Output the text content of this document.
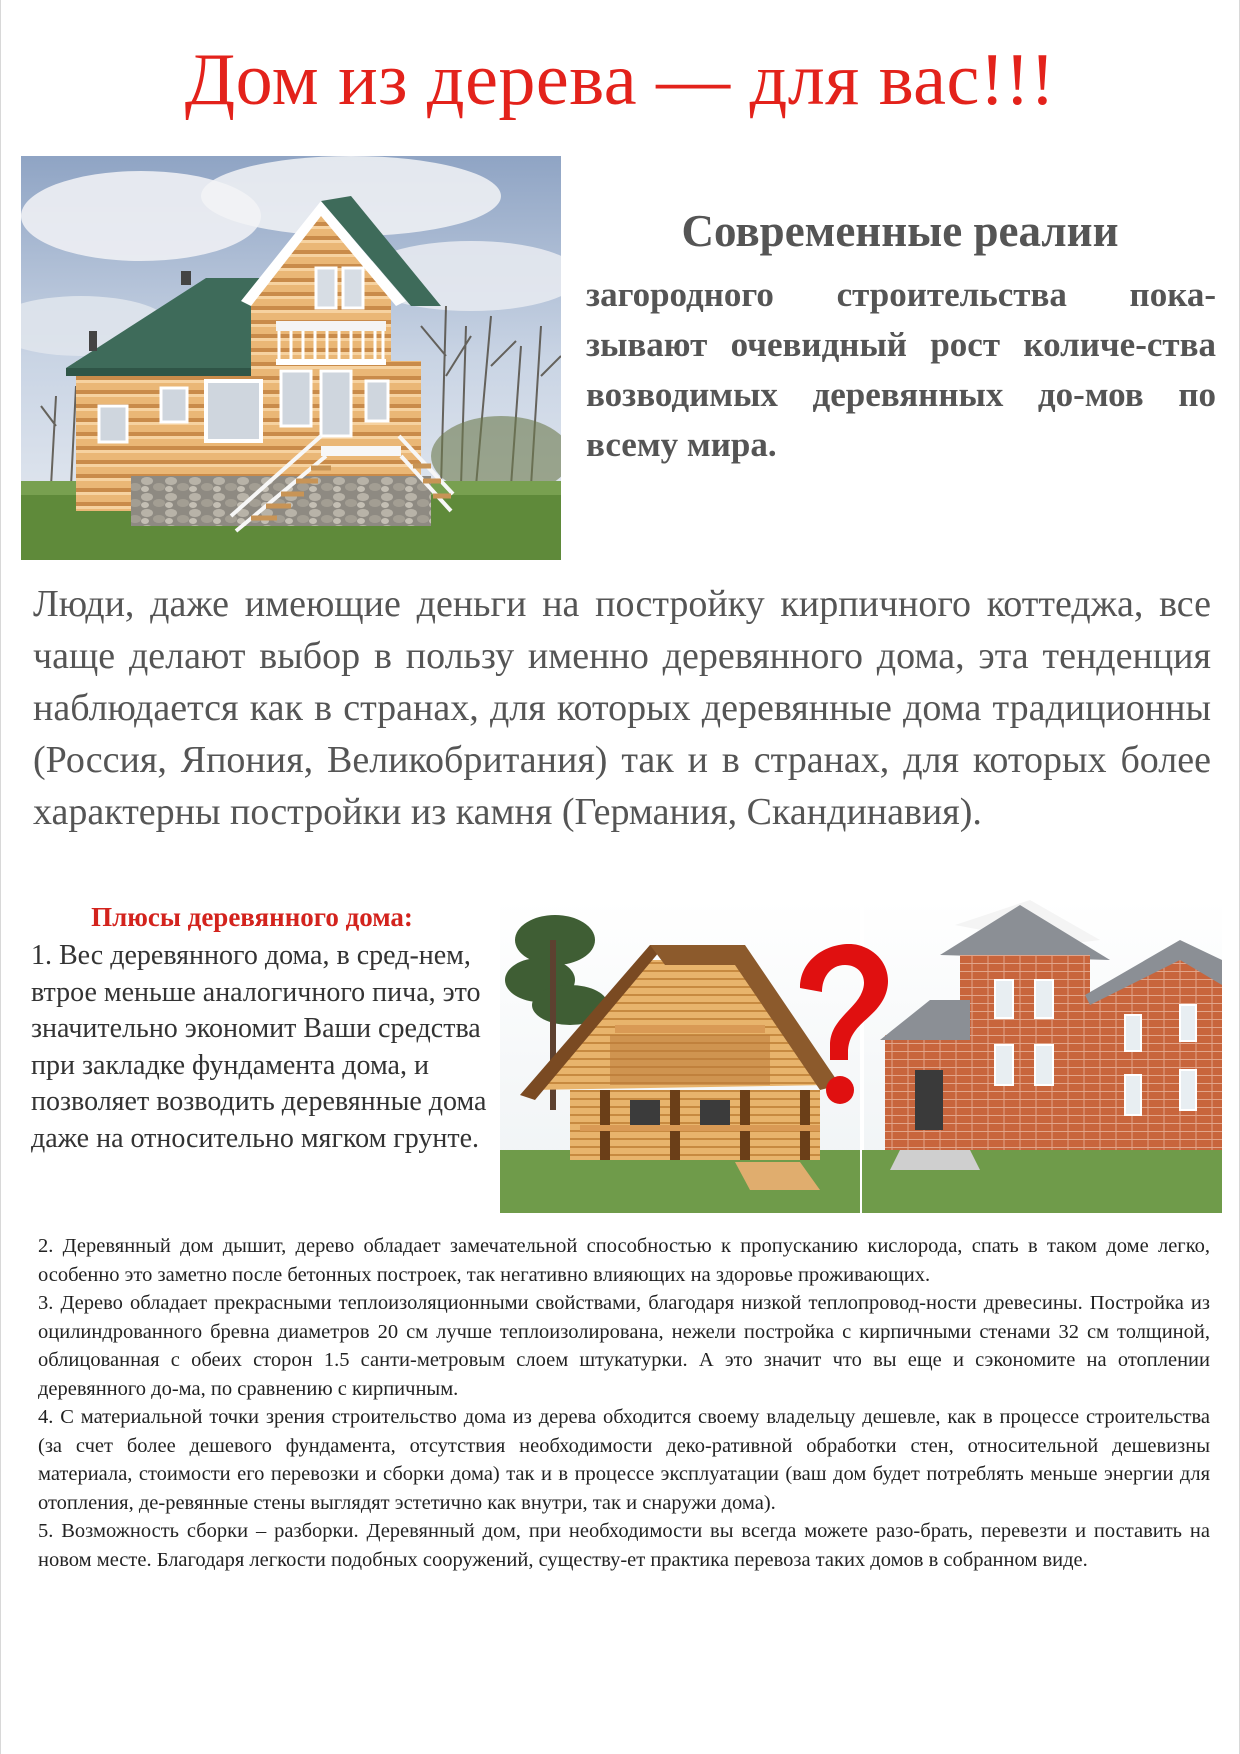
Дом из дерева — для вас!!!
Современные реалии

загородного строительства пока-зывают очевидный рост количе-ства возводимых деревянных до-мов по всему мира.

Люди, даже имеющие деньги на постройку кирпичного коттеджа, все чаще делают выбор в пользу именно деревянного дома, эта тенденция наблюдается как в странах, для которых деревянные дома традиционны (Россия, Япония, Великобритания) так и в странах, для которых более характерны постройки из камня (Германия, Скандинавия).

Плюсы деревянного дома:

1. Вес деревянного дома, в сред-нем, втрое меньше аналогичного пича, это значительно экономит Ваши средства при закладке фундамента дома, и позволяет возводить деревянные дома даже на относительно мягком грунте.

2. Деревянный дом дышит, дерево обладает замечательной способностью к пропусканию кислорода, спать в таком доме легко, особенно это заметно после бетонных построек, так негативно влияющих на здоровье проживающих.

3. Дерево обладает прекрасными теплоизоляционными свойствами, благодаря низкой теплопровод-ности древесины. Постройка из оцилиндрованного бревна диаметров 20 см лучше теплоизолирована, нежели постройка с кирпичными стенами 32 см толщиной, облицованная с обеих сторон 1.5 санти-метровым слоем штукатурки. А это значит что вы еще и сэкономите на отоплении деревянного до-ма, по сравнению с кирпичным.

4. С материальной точки зрения строительство дома из дерева обходится своему владельцу дешевле, как в процессе строительства (за счет более дешевого фундамента, отсутствия необходимости деко-ративной обработки стен, относительной дешевизны материала, стоимости его перевозки и сборки дома) так и в процессе эксплуатации (ваш дом будет потреблять меньше энергии для отопления, де-ревянные стены выглядят эстетично как внутри, так и снаружи дома).

5. Возможность сборки – разборки. Деревянный дом, при необходимости вы всегда можете разо-брать, перевезти и поставить на новом месте. Благодаря легкости подобных сооружений, существу-ет практика перевоза таких домов в собранном виде.
